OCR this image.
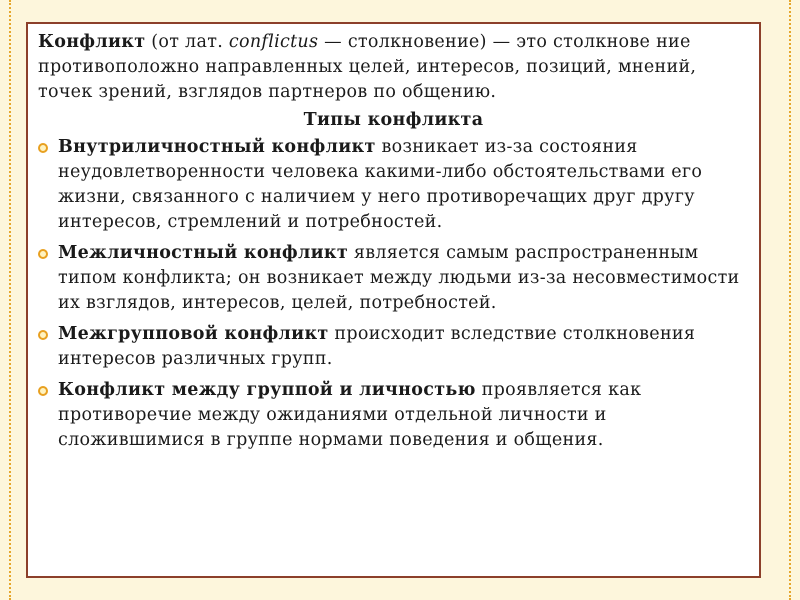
Конфликт (от лат. conflictus — столкновение) — это столкнове ние противоположно направленных целей, интересов, позиций, мнений, точек зрений, взглядов партнеров по общению.

Типы конфликта
Внутриличностный конфликт возникает из-за состояния неудовлетворенности человека какими-либо обстоятельствами его жизни, связанного с наличием у него противоречащих друг другу интересов, стремлений и потребностей.
Межличностный конфликт является самым распространенным типом конфликта; он возникает между людьми из-за несовместимости их взглядов, интересов, целей, потребностей.
Межгрупповой конфликт происходит вследствие столкновения интересов различных групп.
Конфликт между группой и личностью проявляется как противоречие между ожиданиями отдельной личности и сложившимися в группе нормами поведения и общения.
